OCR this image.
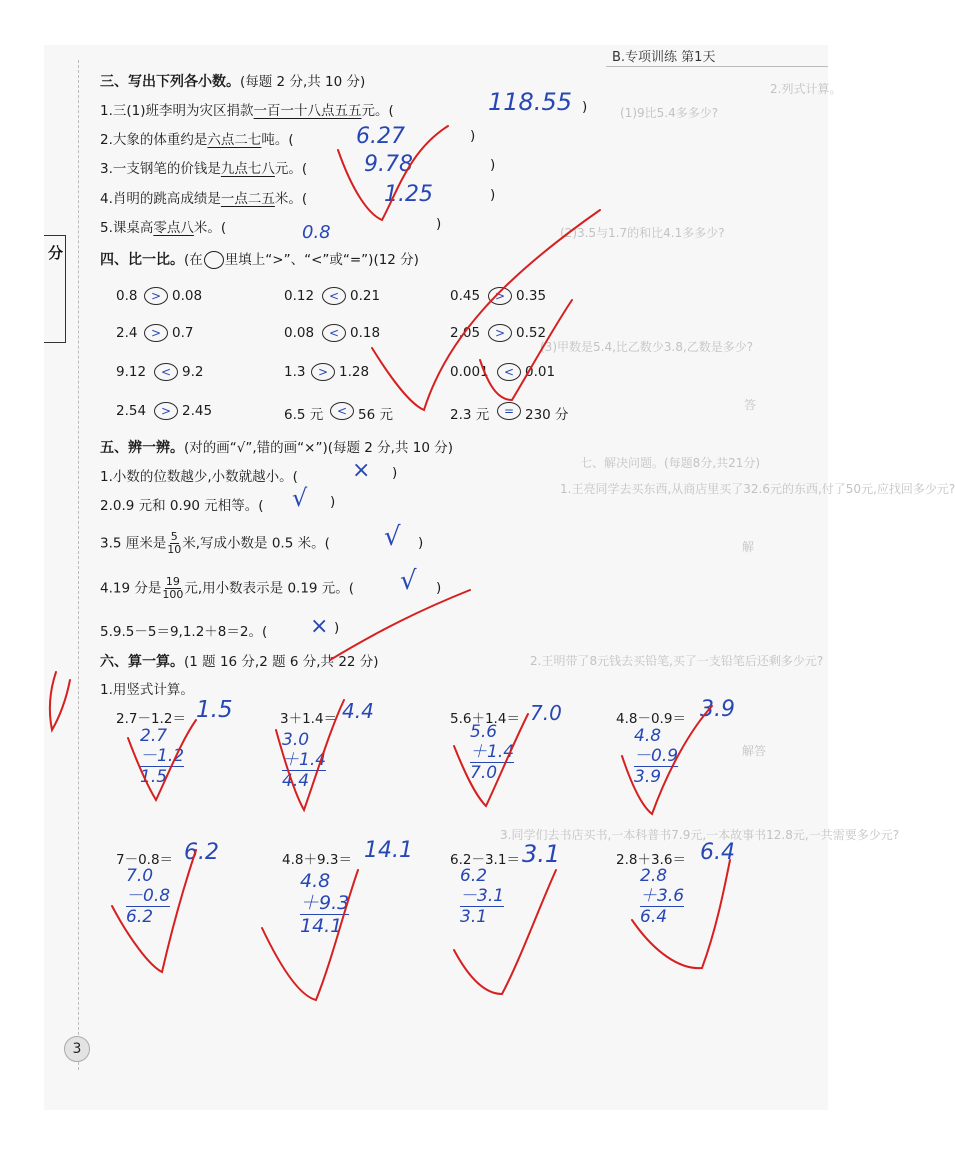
2.列式计算。
(1)9比5.4多多少?
(2)3.5与1.7的和比4.1多多少?
(3)甲数是5.4,比乙数少3.8,乙数是多少?
七、解决问题。(每题8分,共21分)
1.王亮同学去买东西,从商店里买了32.6元的东西,付了50元,应找回多少元?
2.王明带了8元钱去买铅笔,买了一支铅笔后还剩多少元?
3.同学们去书店买书,一本科普书7.9元,一本故事书12.8元,一共需要多少元?
答
解
解答
B.专项训练 第1天
分
三、写出下列各小数。(每题 2 分,共 10 分)
1.三(1)班李明为灾区捐款一百一十八点五五元。(	)
118.55
2.大象的体重约是六点二七吨。(	)
6.27
3.一支钢笔的价钱是九点七八元。(	)
9.78
4.肖明的跳高成绩是一点二五米。(	)
1.25
5.课桌高零点八米。(	)
0.8
四、比一比。(在 里填上“>”、“<”或“=”)(12 分)
0.8	> 0.08	0.12	< 0.21	0.45	> 0.35
2.4	> 0.7	0.08	< 0.18	2.05	> 0.52
9.12	< 9.2	1.3	> 1.28	0.001	< 0.01
2.54	> 2.45	6.5 元	< 56 元	2.3 元	= 230 分
五、辨一辨。(对的画“√”,错的画“×”)(每题 2 分,共 10 分)
1.小数的位数越少,小数就越小。(	)
×
2.0.9 元和 0.90 元相等。(	)
√
3.5 厘米是 $\frac{5}{10}$ 米,写成小数是 0.5 米。(	)
√
4.19 分是 $\frac{19}{100}$ 元,用小数表示是 0.19 元。(	)
√
5.9.5－5＝9,1.2＋8＝2。(	)
×
六、算一算。(1 题 16 分,2 题 6 分,共 22 分)
1.用竖式计算。
2.7－1.2＝ 1.5	3＋1.4＝ 4.4	5.6＋1.4＝ 7.0	4.8－0.9＝ 3.9
2.7
－1.2
1.5
3.0
＋1.4
4.4
5.6
＋1.4
7.0
4.8
－0.9
3.9
7－0.8＝ 6.2	4.8＋9.3＝ 14.1	6.2－3.1＝ 3.1	2.8＋3.6＝ 6.4
7.0
－0.8
6.2
4.8
＋9.3
14.1
6.2
－3.1
3.1
2.8
＋3.6
6.4
3
